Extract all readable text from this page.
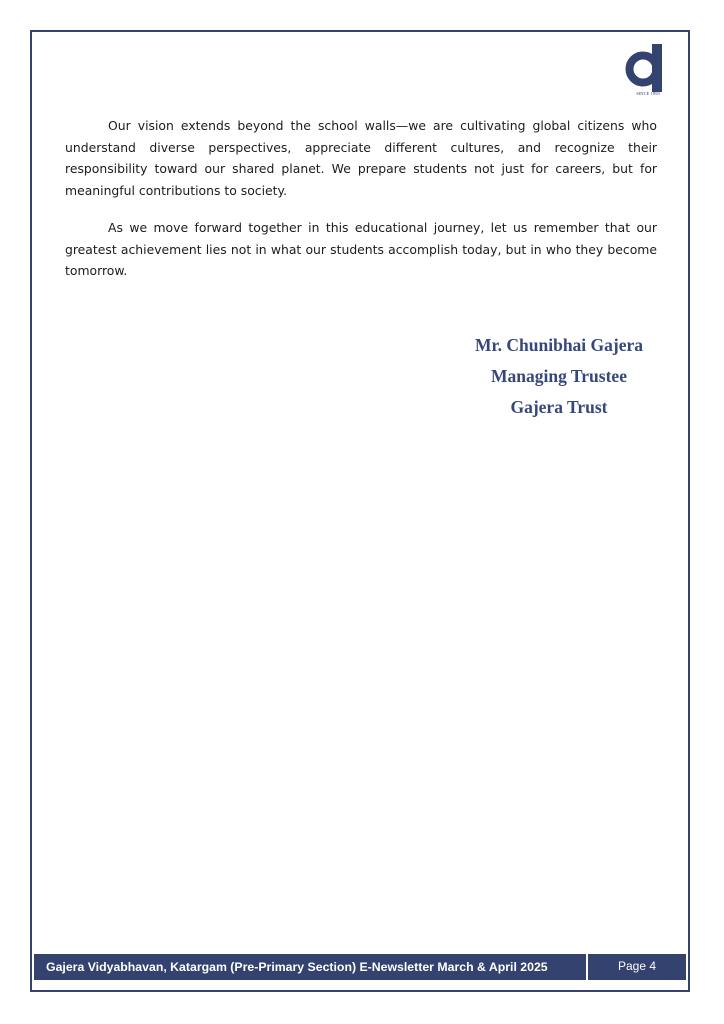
SINCE 1993

Our vision extends beyond the school walls—we are cultivating global citizens who understand diverse perspectives, appreciate different cultures, and recognize their responsibility toward our shared planet. We prepare students not just for careers, but for meaningful contributions to society.

As we move forward together in this educational journey, let us remember that our greatest achievement lies not in what our students accomplish today, but in who they become tomorrow.

Mr. Chunibhai Gajera
Managing Trustee
Gajera Trust
Gajera Vidyabhavan, Katargam (Pre-Primary Section) E-Newsletter March & April 2025	Page 4
